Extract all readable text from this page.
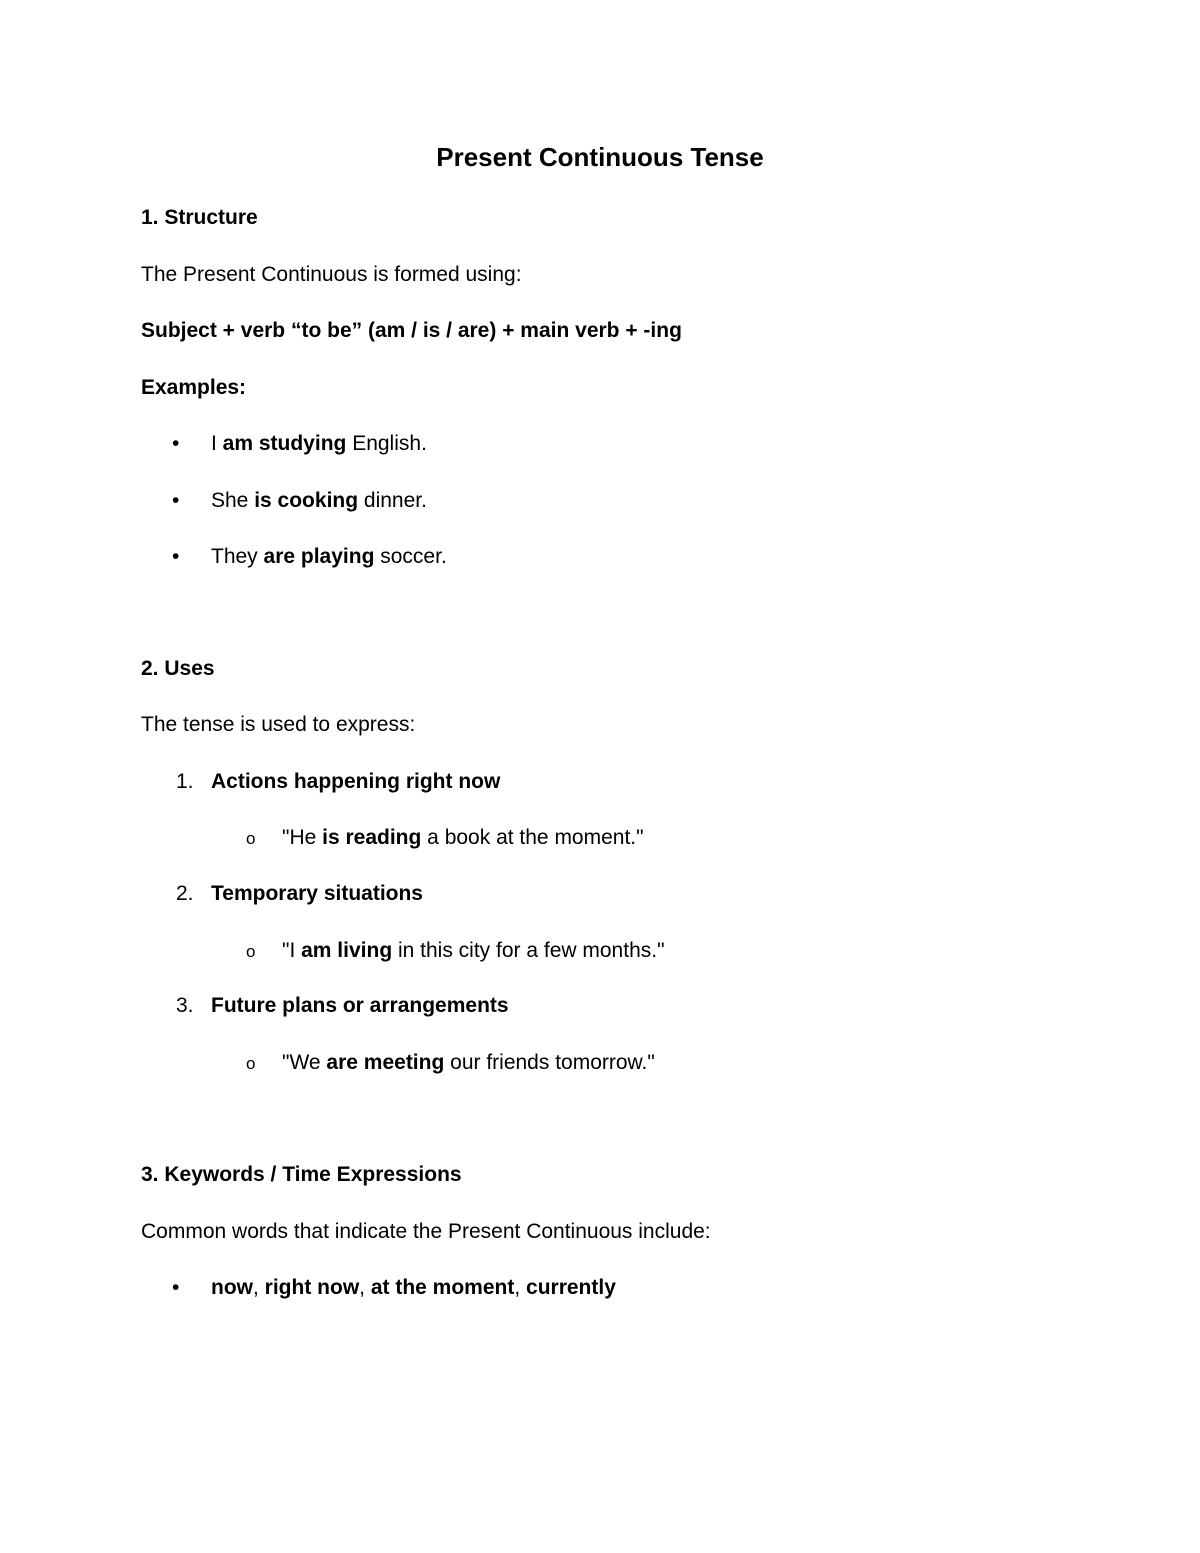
Present Continuous Tense
1. Structure
The Present Continuous is formed using:
Subject + verb “to be” (am / is / are) + main verb + -ing
Examples:
• I am studying English.
• She is cooking dinner.
• They are playing soccer.
2. Uses
The tense is used to express:
1. Actions happening right now
o "He is reading a book at the moment."
2. Temporary situations
o "I am living in this city for a few months."
3. Future plans or arrangements
o "We are meeting our friends tomorrow."
3. Keywords / Time Expressions
Common words that indicate the Present Continuous include:
• now, right now, at the moment, currently
